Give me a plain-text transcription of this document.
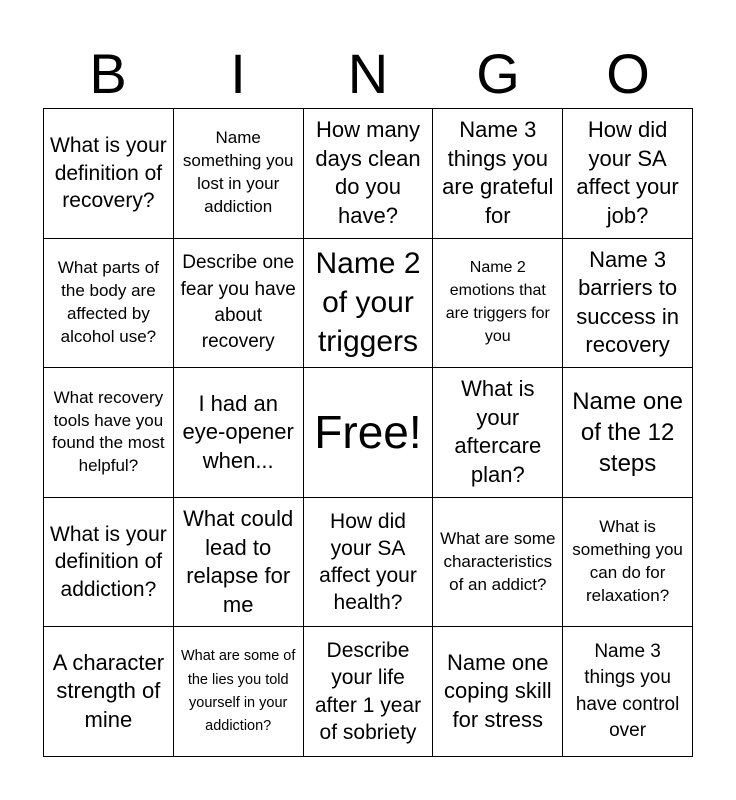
B	I	N	G	O
What is your definition of recovery?
Name something you lost in your addiction
How many days clean do you have?
Name 3 things you are grateful for
How did your SA affect your job?
What parts of the body are affected by alcohol use?
Describe one fear you have about recovery
Name 2 of your triggers
Name 2 emotions that are triggers for you
Name 3 barriers to success in recovery
What recovery tools have you found the most helpful?
I had an eye-opener when...
Free!
What is your aftercare plan?
Name one of the 12 steps
What is your definition of addiction?
What could lead to relapse for me
How did your SA affect your health?
What are some characteristics of an addict?
What is something you can do for relaxation?
A character strength of mine
What are some of the lies you told yourself in your addiction?
Describe your life after 1 year of sobriety
Name one coping skill for stress
Name 3 things you have control over
